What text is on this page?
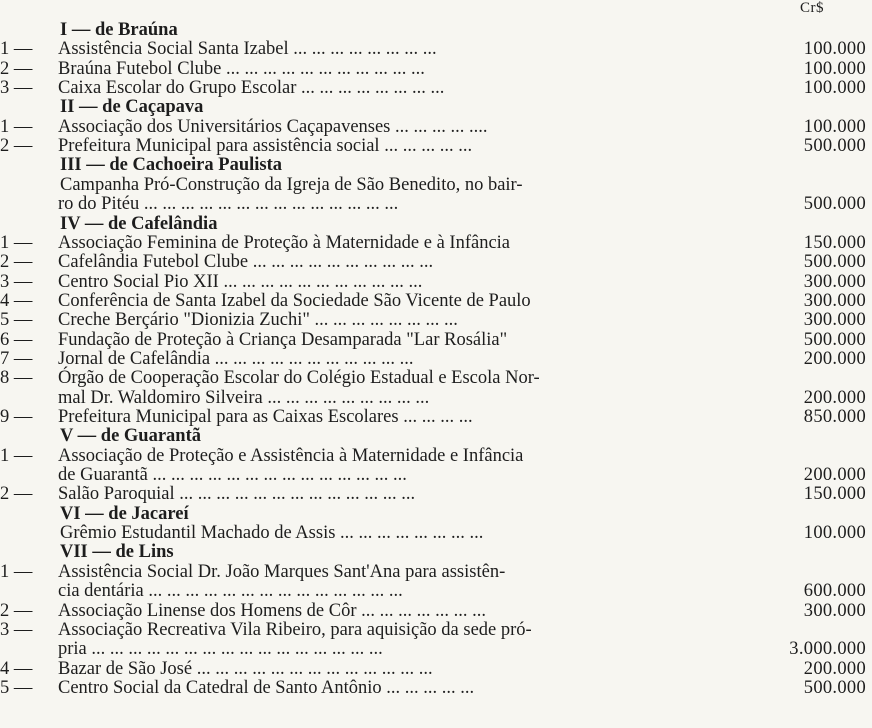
Cr$
I — de Braúna
1 — Assistência Social Santa Izabel ... ... ... ... ... ... ... ...	100.000
2 — Braúna Futebol Clube ... ... ... ... ... ... ... ... ... ... ...	100.000
3 — Caixa Escolar do Grupo Escolar ... ... ... ... ... ... ... ...	100.000
II — de Caçapava
1 — Associação dos Universitários Caçapavenses ... ... ... ... ....	100.000
2 — Prefeitura Municipal para assistência social ... ... ... ... ...	500.000
III — de Cachoeira Paulista
Campanha Pró-Construção da Igreja de São Benedito, no bair-
ro do Pitéu ... ... ... ... ... ... ... ... ... ... ... ... ... ...	500.000
IV — de Cafelândia
1 — Associação Feminina de Proteção à Maternidade e à Infância	150.000
2 — Cafelândia Futebol Clube ... ... ... ... ... ... ... ... ... ...	500.000
3 — Centro Social Pio XII ... ... ... ... ... ... ... ... ... ... ...	300.000
4 — Conferência de Santa Izabel da Sociedade São Vicente de Paulo	300.000
5 — Creche Berçário "Dionizia Zuchi" ... ... ... ... ... ... ... ...	300.000
6 — Fundação de Proteção à Criança Desamparada "Lar Rosália"	500.000
7 — Jornal de Cafelândia ... ... ... ... ... ... ... ... ... ... ...	200.000
8 — Órgão de Cooperação Escolar do Colégio Estadual e Escola Nor-
mal Dr. Waldomiro Silveira ... ... ... ... ... ... ... ... ...	200.000
9 — Prefeitura Municipal para as Caixas Escolares ... ... ... ...	850.000
V — de Guarantã
1 — Associação de Proteção e Assistência à Maternidade e Infância
de Guarantã ... ... ... ... ... ... ... ... ... ... ... ... ... ...	200.000
2 — Salão Paroquial ... ... ... ... ... ... ... ... ... ... ... ... ...	150.000
VI — de Jacareí
Grêmio Estudantil Machado de Assis ... ... ... ... ... ... ... ...	100.000
VII — de Lins
1 — Assistência Social Dr. João Marques Sant'Ana para assistên-
cia dentária ... ... ... ... ... ... ... ... ... ... ... ... ... ...	600.000
2 — Associação Linense dos Homens de Côr ... ... ... ... ... ... ...	300.000
3 — Associação Recreativa Vila Ribeiro, para aquisição da sede pró-
pria ... ... ... ... ... ... ... ... ... ... ... ... ... ... ... ...	3.000.000
4 — Bazar de São José ... ... ... ... ... ... ... ... ... ... ... ... ...	200.000
5 — Centro Social da Catedral de Santo Antônio ... ... ... ... ...	500.000
